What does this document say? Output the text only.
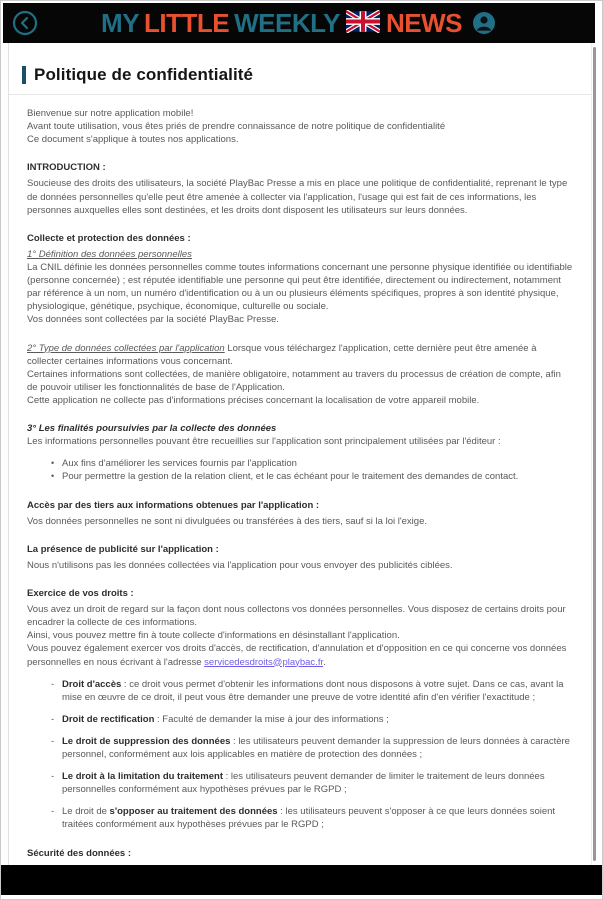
MY LITTLE WEEKLY NEWS
Politique de confidentialité

Bienvenue sur notre application mobile!

Avant toute utilisation, vous êtes priés de prendre connaissance de notre politique de confidentialité

Ce document s'applique à toutes nos applications.

INTRODUCTION :

Soucieuse des droits des utilisateurs, la société PlayBac Presse a mis en place une politique de confidentialité, reprenant le type de données personnelles qu'elle peut être amenée à collecter via l'application, l'usage qui est fait de ces informations, les personnes auxquelles elles sont destinées, et les droits dont disposent les utilisateurs sur leurs données.

Collecte et protection des données :

1° Définition des données personnelles

La CNIL définie les données personnelles comme toutes informations concernant une personne physique identifiée ou identifiable (personne concernée) ; est réputée identifiable une personne qui peut être identifiée, directement ou indirectement, notamment par référence à un nom, un numéro d'identification ou à un ou plusieurs éléments spécifiques, propres à son identité physique, physiologique, génétique, psychique, économique, culturelle ou sociale.

Vos données sont collectées par la société PlayBac Presse.

2° Type de données collectées par l'application Lorsque vous téléchargez l'application, cette dernière peut être amenée à collecter certaines informations vous concernant.

Certaines informations sont collectées, de manière obligatoire, notamment au travers du processus de création de compte, afin de pouvoir utiliser les fonctionnalités de base de l'Application.

Cette application ne collecte pas d'informations précises concernant la localisation de votre appareil mobile.

3° Les finalités poursuivies par la collecte des données

Les informations personnelles pouvant être recueillies sur l'application sont principalement utilisées par l'éditeur :

• Aux fins d'améliorer les services fournis par l'application
• Pour permettre la gestion de la relation client, et le cas échéant pour le traitement des demandes de contact.

Accès par des tiers aux informations obtenues par l'application :

Vos données personnelles ne sont ni divulguées ou transférées à des tiers, sauf si la loi l'exige.

La présence de publicité sur l'application :

Nous n'utilisons pas les données collectées via l'application pour vous envoyer des publicités ciblées.

Exercice de vos droits :

Vous avez un droit de regard sur la façon dont nous collectons vos données personnelles. Vous disposez de certains droits pour encadrer la collecte de ces informations.

Ainsi, vous pouvez mettre fin à toute collecte d'informations en désinstallant l'application.

Vous pouvez également exercer vos droits d'accès, de rectification, d'annulation et d'opposition en ce qui concerne vos données personnelles en nous écrivant à l'adresse servicedesdroits@playbac.fr.

- Droit d'accès : ce droit vous permet d'obtenir les informations dont nous disposons à votre sujet. Dans ce cas, avant la mise en œuvre de ce droit, il peut vous être demander une preuve de votre identité afin d'en vérifier l'exactitude ;
- Droit de rectification : Faculté de demander la mise à jour des informations ;
- Le droit de suppression des données : les utilisateurs peuvent demander la suppression de leurs données à caractère personnel, conformément aux lois applicables en matière de protection des données ;
- Le droit à la limitation du traitement : les utilisateurs peuvent demander de limiter le traitement de leurs données personnelles conformément aux hypothèses prévues par le RGPD ;
- Le droit de s'opposer au traitement des données : les utilisateurs peuvent s'opposer à ce que leurs données soient traitées conformément aux hypothèses prévues par le RGPD ;

Sécurité des données :
